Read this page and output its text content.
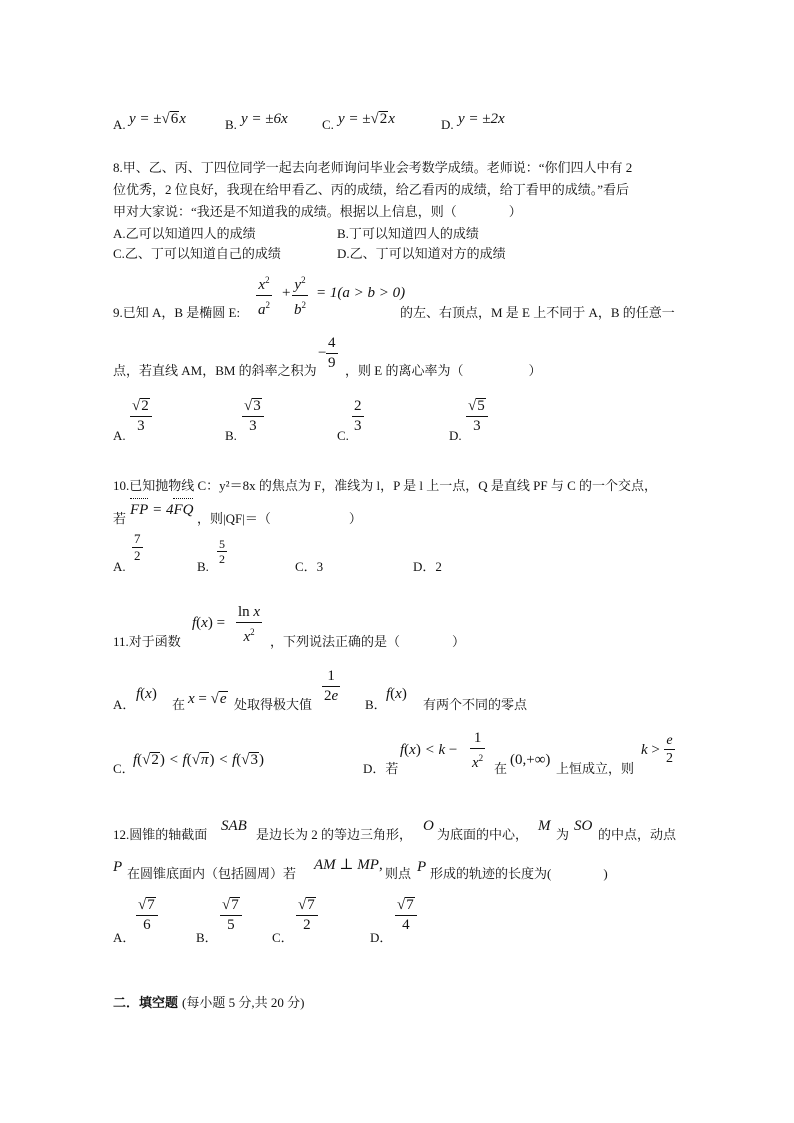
A. y = ±√6x	B. y = ±6x	C. y = ±√2x	D. y = ±2x
8.甲、乙、丙、丁四位同学一起去向老师询问毕业会考数学成绩。老师说：“你们四人中有 2
位优秀，2 位良好，我现在给甲看乙、丙的成绩，给乙看丙的成绩，给丁看甲的成绩。”看后
甲对大家说：“我还是不知道我的成绩。根据以上信息，则（　　　　）
A.乙可以知道四人的成绩	B.丁可以知道四人的成绩
C.乙、丁可以知道自己的成绩	D.乙、丁可以知道对方的成绩
9.已知 A，B 是椭圆 E:
$x^2$
$a^2$
+ $y^2$
$b^2$
= 1(a > b > 0)
的左、右顶点，M 是 E 上不同于 A，B 的任意一
点，若直线 AM，BM 的斜率之积为
−
4
9 ，则 E 的离心率为（　　　　　）
A.
√2
3
B.
√3
3
C.
2
3
D.
√5
3
10.已知抛物线 C：y²＝8x 的焦点为 F，准线为 l，P 是 l 上一点，Q 是直线 PF 与 C 的一个交点，
若
FP = 4FQ
，则|QF|＝（　　　　　　）
A.
7
2
B.
5
2	C．3	D．2
11.对于函数
f(x) =
ln x
$x^2$
，下列说法正确的是（　　　　）
A．
f(x)
在 x = √e 处取得极大值
1
2e
B．
f(x)
有两个不同的零点
C．
f(√2) < f(√π) < f(√3)
D．若
f(x) < k −
1
$x^2$
在
(0,+∞)
上恒成立，则
k >
e
2
12.圆锥的轴截面
SAB
是边长为 2 的等边三角形，
O
为底面的中心，
M
为
SO
的中点，动点
P 在圆锥底面内（包括圆周）若
AM ⊥ MP,
则点 P 形成的轨迹的长度为(　　　　)
A．
√7
6
B．
√7
5
C．
√7
2
D．
√7
4
二．填空题 (每小题 5 分,共 20 分)
